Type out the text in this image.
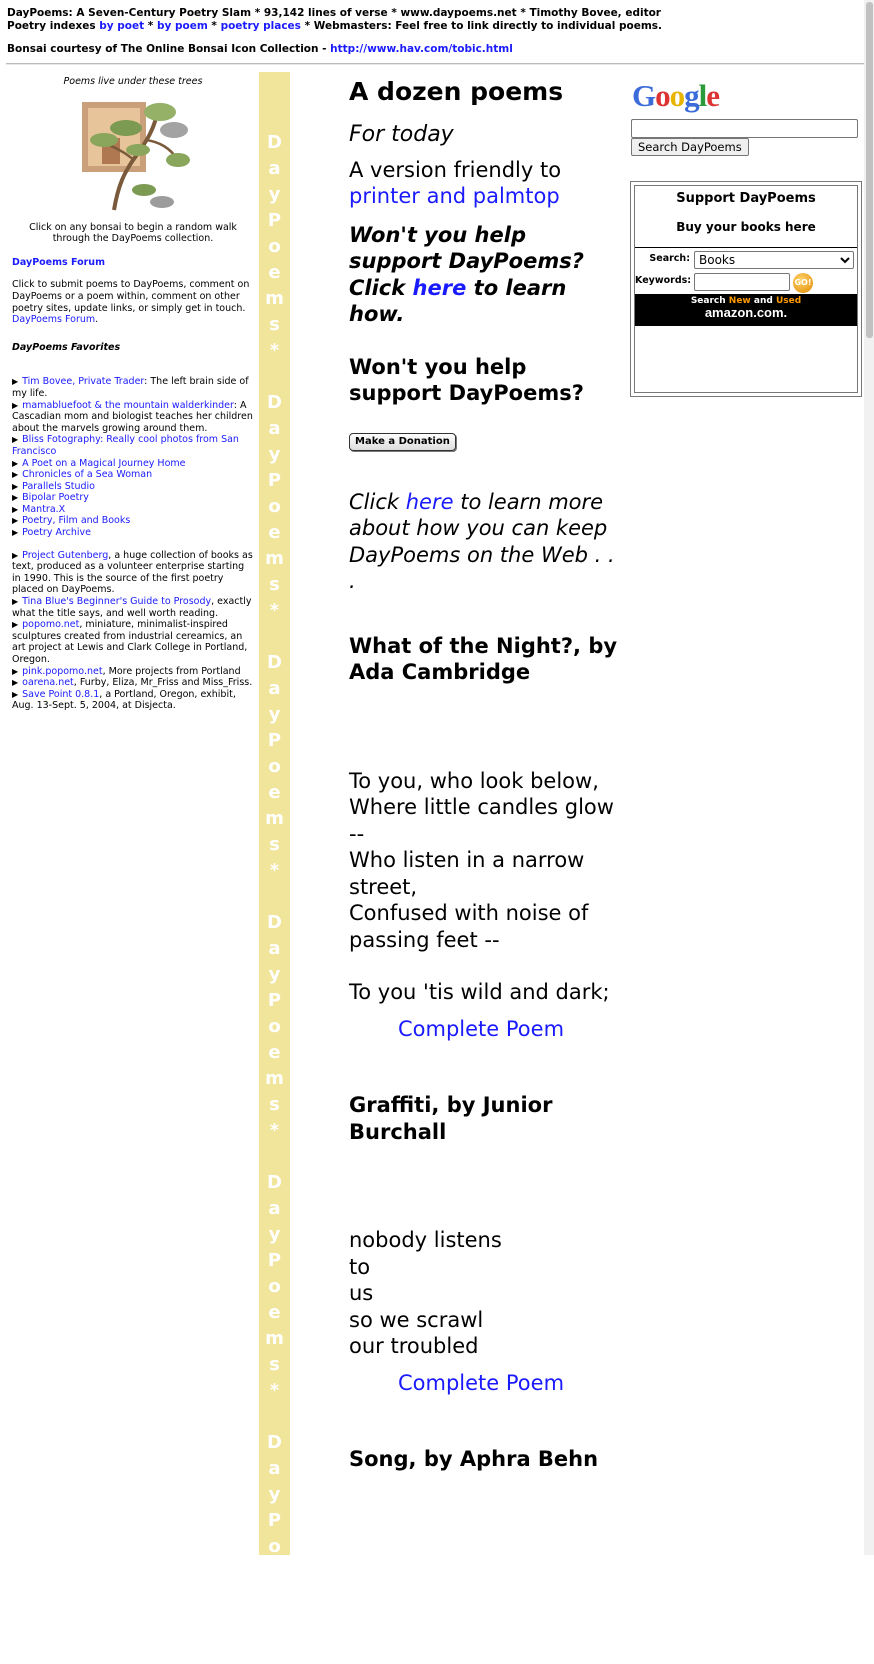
DayPoems: A Seven-Century Poetry Slam * 93,142 lines of verse * www.daypoems.net * Timothy Bovee, editor
Poetry indexes by poet * by poem * poetry places * Webmasters: Feel free to link directly to individual poems.
Bonsai courtesy of The Online Bonsai Icon Collection - http://www.hav.com/tobic.html
Poems live under these trees
Click on any bonsai to begin a random walk through the DayPoems collection.
DayPoems Forum
Click to submit poems to DayPoems, comment on DayPoems or a poem within, comment on other poetry sites, update links, or simply get in touch. DayPoems Forum.
DayPoems Favorites
▶ Tim Bovee, Private Trader: The left brain side of my life.
▶ mamabluefoot & the mountain walderkinder: A Cascadian mom and biologist teaches her children about the marvels growing around them.
▶ Bliss Fotography: Really cool photos from San Francisco
▶ A Poet on a Magical Journey Home
▶ Chronicles of a Sea Woman
▶ Parallels Studio
▶ Bipolar Poetry
▶ Mantra.X
▶ Poetry, Film and Books
▶ Poetry Archive
▶ Project Gutenberg, a huge collection of books as text, produced as a volunteer enterprise starting in 1990. This is the source of the first poetry placed on DayPoems.
▶ Tina Blue's Beginner's Guide to Prosody, exactly what the title says, and well worth reading.
▶ popomo.net, miniature, minimalist-inspired sculptures created from industrial cereamics, an art project at Lewis and Clark College in Portland, Oregon.
▶ pink.popomo.net, More projects from Portland
▶ oarena.net, Furby, Eliza, Mr_Friss and Miss_Friss.
▶ Save Point 0.8.1, a Portland, Oregon, exhibit, Aug. 13-Sept. 5, 2004, at Disjecta.
D
a
y
P
o
e
m
s
*
D
a
y
P
o
e
m
s
*
D
a
y
P
o
e
m
s
*
D
a
y
P
o
e
m
s
*
D
a
y
P
o
e
m
s
*
D
a
y
P
o
e
m
s
*
A dozen poems
For today
A version friendly to printer and palmtop
Won't you help support DayPoems? Click here to learn how.
Won't you help support DayPoems?
Make a Donation
Click here to learn more about how you can keep DayPoems on the Web . . .
What of the Night?, by Ada Cambridge
To you, who look below,
Where little candles glow --
Who listen in a narrow street,
Confused with noise of passing feet --
To you 'tis wild and dark;
Complete Poem
Graffiti, by Junior Burchall
nobody listens
to
us
so we scrawl
our troubled
Complete Poem
Song, by Aphra Behn
Google
Search DayPoems
Support DayPoems
Buy your books here
Search:
Books
Keywords:	GO!
Search New and Used
amazon.com.
